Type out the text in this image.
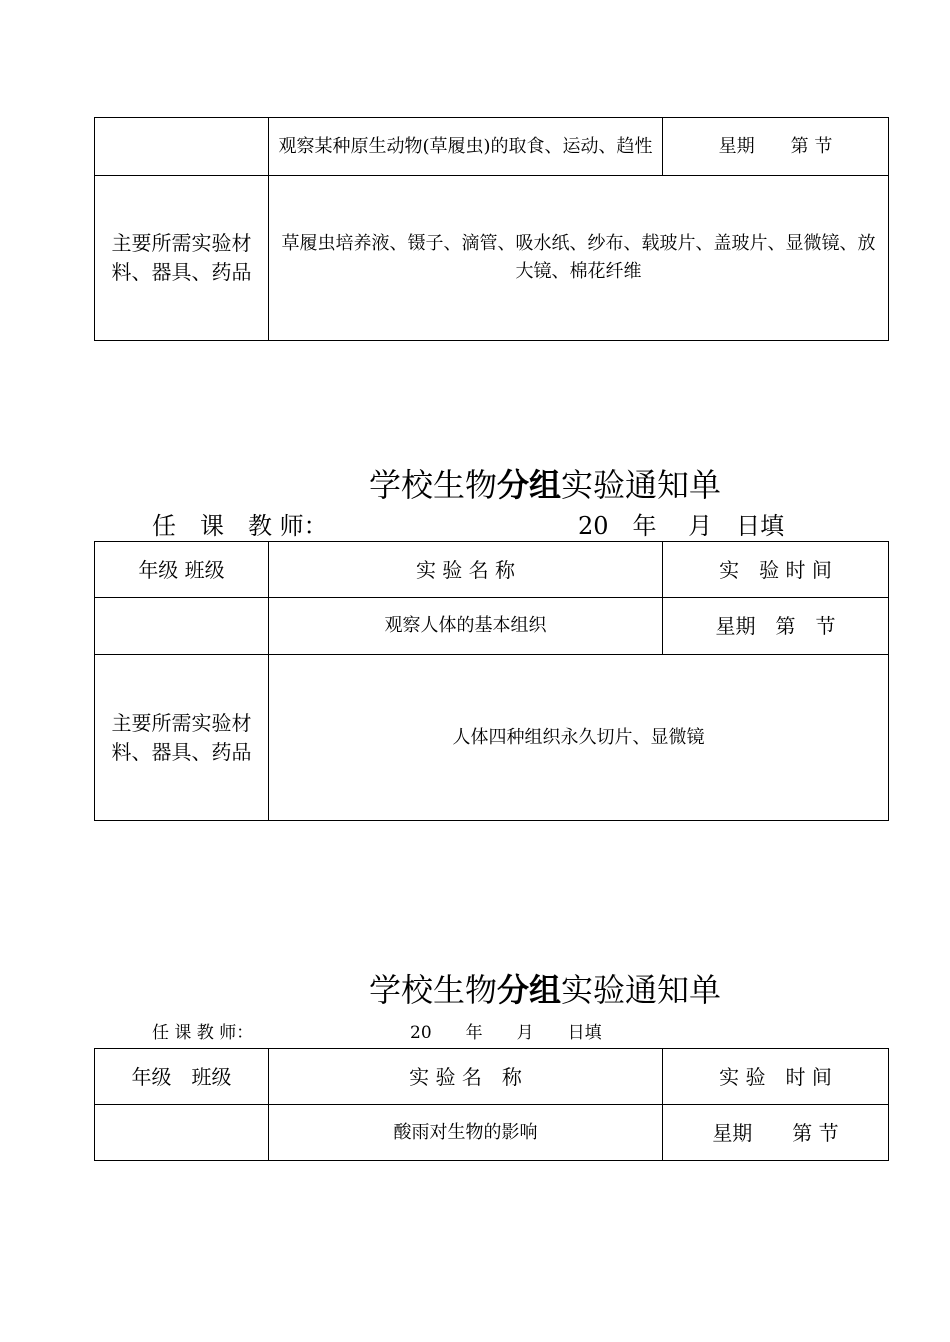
	观察某种原生动物(草履虫)的取食、运动、趋性	星期　　第 节
主要所需实验材料、器具、药品	草履虫培养液、镊子、滴管、吸水纸、纱布、载玻片、盖玻片、显微镜、放大镜、棉花纤维	
学校生物分组实验通知单
任　课　教 师：	20　年　 月　日填
年级 班级	实 验 名 称	实　验 时 间
	观察人体的基本组织	星期　第　节
主要所需实验材料、器具、药品	人体四种组织永久切片、显微镜	
学校生物分组实验通知单
任 课 教 师：	20　　年　　月　　日填
年级　班级	实 验 名　称	实 验　时 间
	酸雨对生物的影响	星期　　第 节
